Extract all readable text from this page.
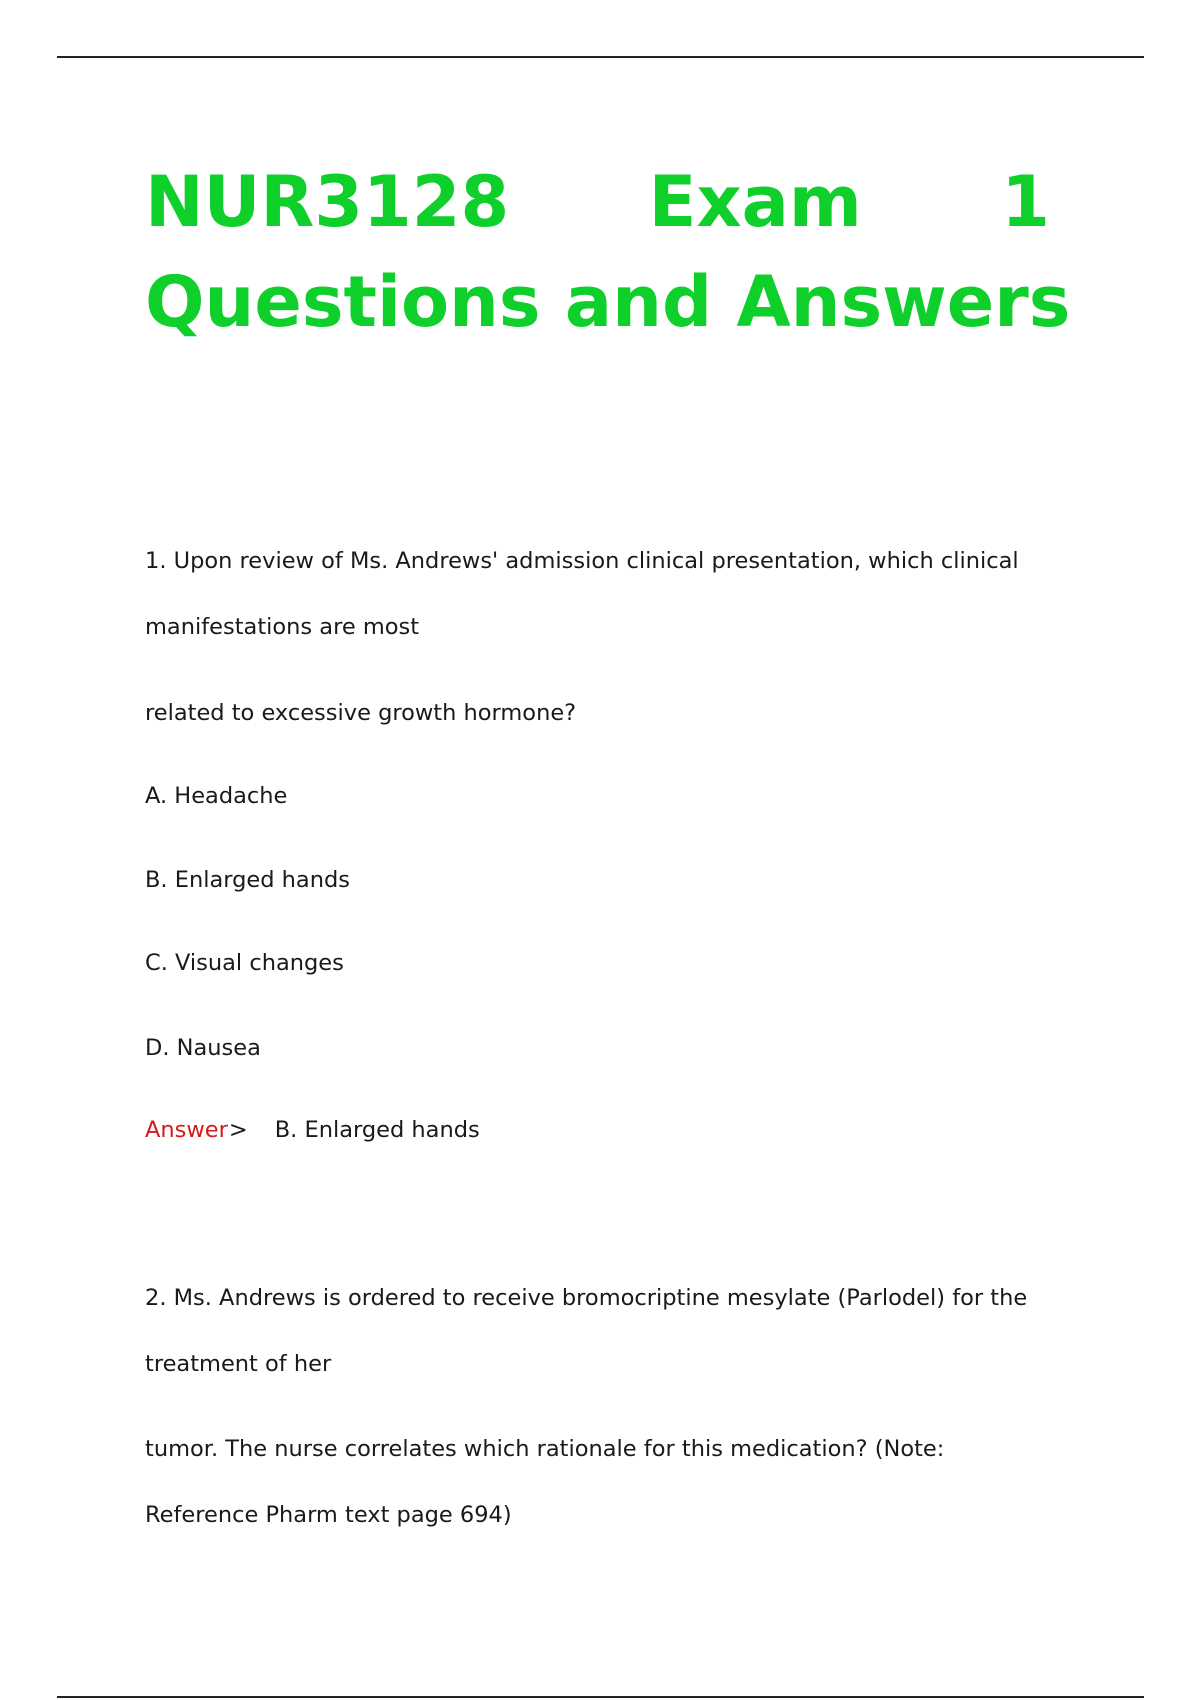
NUR3128 Exam 1
Questions and Answers
1. Upon review of Ms. Andrews' admission clinical presentation, which clinical
manifestations are most
related to excessive growth hormone?
A. Headache
B. Enlarged hands
C. Visual changes
D. Nausea
Answer> B. Enlarged hands
2. Ms. Andrews is ordered to receive bromocriptine mesylate (Parlodel) for the
treatment of her
tumor. The nurse correlates which rationale for this medication? (Note:
Reference Pharm text page 694)
